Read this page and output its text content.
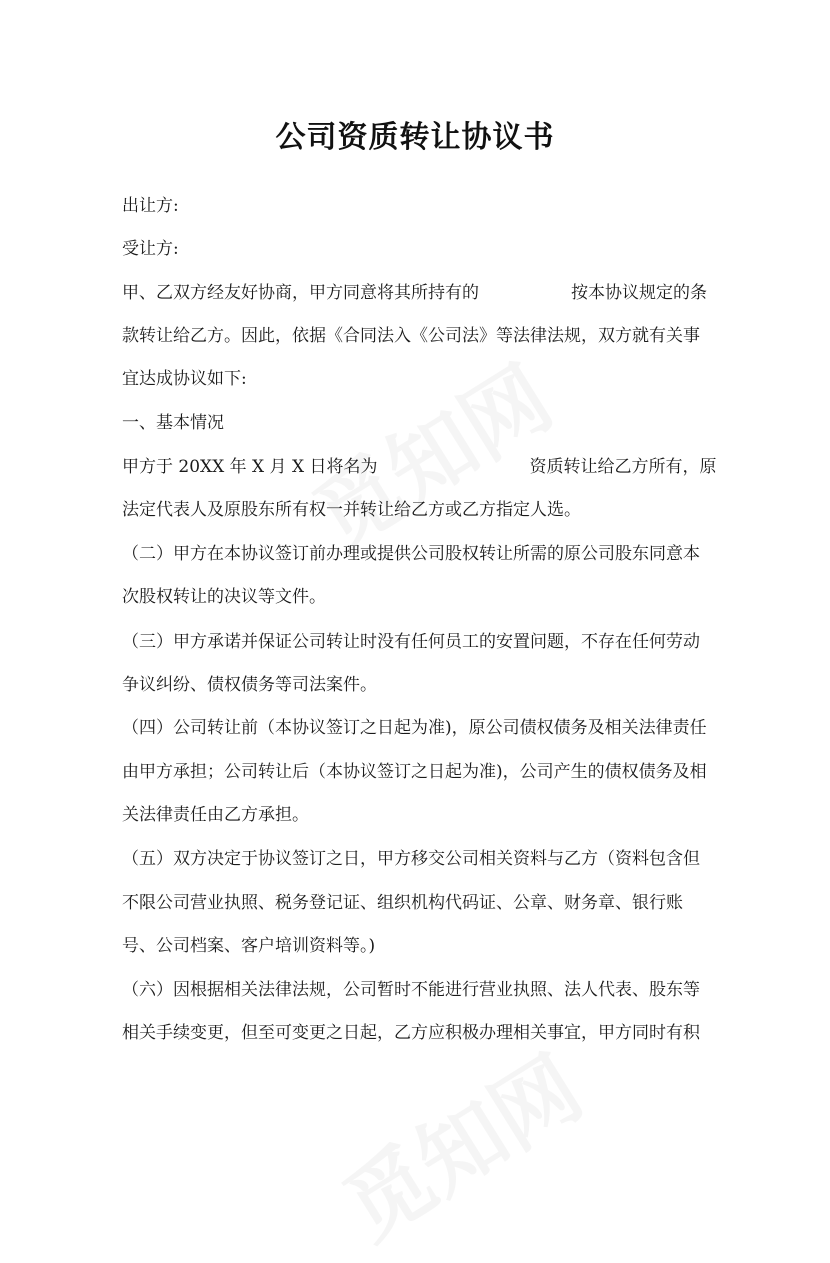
公司资质转让协议书
出让方:
受让方:
甲、乙双方经友好协商，甲方同意将其所持有的	按本协议规定的条
款转让给乙方。因此，依据《合同法入《公司法》等法律法规，双方就有关事
宜达成协议如下:
一、基本情况
甲方于 20XX 年 X 月 X 日将名为	资质转让给乙方所有，原
法定代表人及原股东所有权一并转让给乙方或乙方指定人选。
（二）甲方在本协议签订前办理或提供公司股权转让所需的原公司股东同意本
次股权转让的决议等文件。
（三）甲方承诺并保证公司转让时没有任何员工的安置问题，不存在任何劳动
争议纠纷、债权债务等司法案件。
（四）公司转让前（本协议签订之日起为准)，原公司债权债务及相关法律责任
由甲方承担；公司转让后（本协议签订之日起为准)，公司产生的债权债务及相
关法律责任由乙方承担。
（五）双方决定于协议签订之日，甲方移交公司相关资料与乙方（资料包含但
不限公司营业执照、税务登记证、组织机构代码证、公章、财务章、银行账
号、公司档案、客户培训资料等。)
（六）因根据相关法律法规，公司暂时不能进行营业执照、法人代表、股东等
相关手续变更，但至可变更之日起，乙方应积极办理相关事宜，甲方同时有积
